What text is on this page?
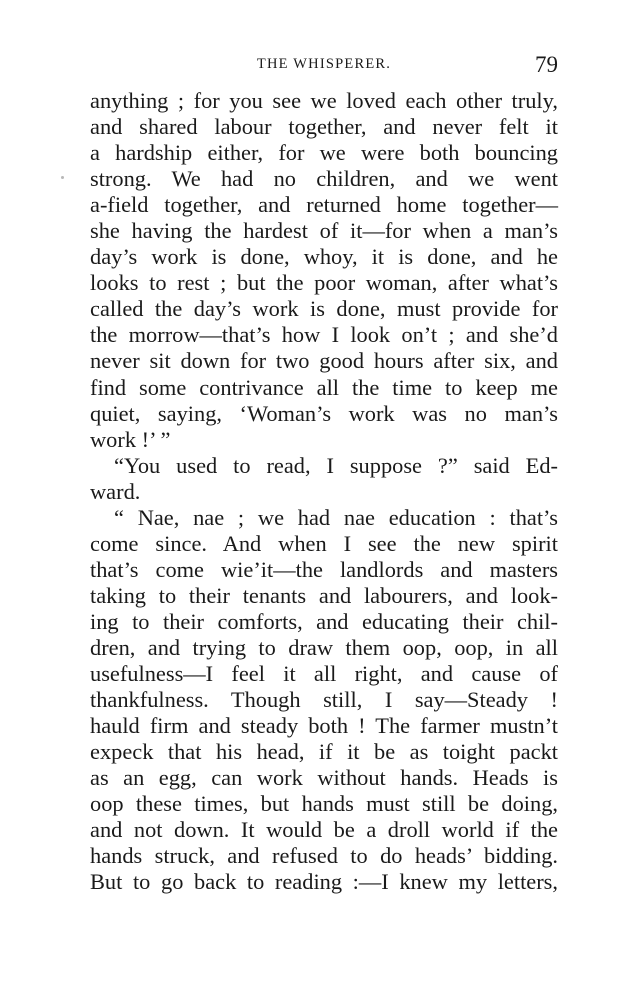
THE WHISPERER.	79
anything ; for you see we loved each other truly,
and shared labour together, and never felt it
a hardship either, for we were both bouncing
strong. We had no children, and we went
a-field together, and returned home together—
she having the hardest of it—for when a man’s
day’s work is done, whoy, it is done, and he
looks to rest ; but the poor woman, after what’s
called the day’s work is done, must provide for
the morrow—that’s how I look on’t ; and she’d
never sit down for two good hours after six, and
find some contrivance all the time to keep me
quiet, saying, ‘Woman’s work was no man’s
work !’ ”
“You used to read, I suppose ?” said Ed-
ward.
“ Nae, nae ; we had nae education : that’s
come since. And when I see the new spirit
that’s come wie’it—the landlords and masters
taking to their tenants and labourers, and look-
ing to their comforts, and educating their chil-
dren, and trying to draw them oop, oop, in all
usefulness—I feel it all right, and cause of
thankfulness. Though still, I say—Steady !
hauld firm and steady both ! The farmer mustn’t
expeck that his head, if it be as toight packt
as an egg, can work without hands. Heads is
oop these times, but hands must still be doing,
and not down. It would be a droll world if the
hands struck, and refused to do heads’ bidding.
But to go back to reading :—I knew my letters,
